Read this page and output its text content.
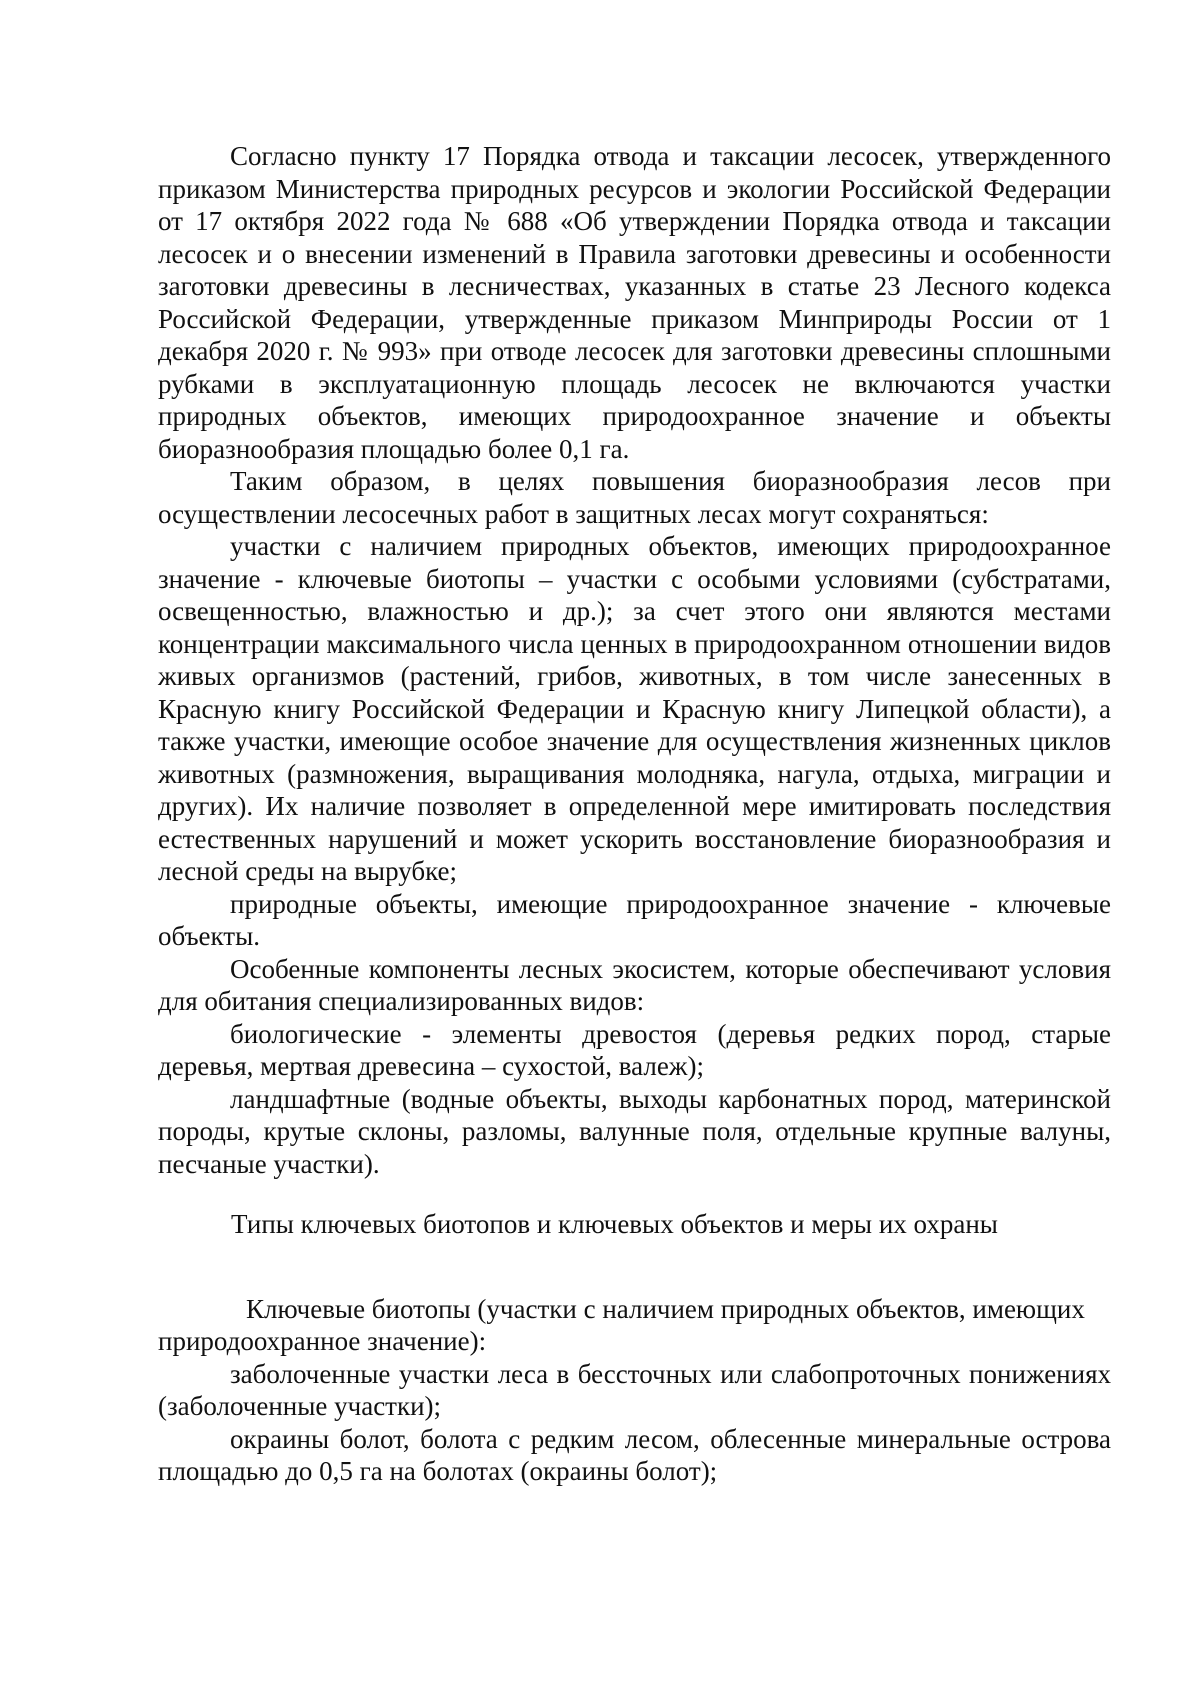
Согласно пункту 17 Порядка отвода и таксации лесосек, утвержденного приказом Министерства природных ресурсов и экологии Российской Федерации от 17 октября 2022 года № 688 «Об утверждении Порядка отвода и таксации лесосек и о внесении изменений в Правила заготовки древесины и особенности заготовки древесины в лесничествах, указанных в статье 23 Лесного кодекса Российской Федерации, утвержденные приказом Минприроды России от 1 декабря 2020 г. № 993» при отводе лесосек для заготовки древесины сплошными рубками в эксплуатационную площадь лесосек не включаются участки природных объектов, имеющих природоохранное значение и объекты биоразнообразия площадью более 0,1 га.

Таким образом, в целях повышения биоразнообразия лесов при осуществлении лесосечных работ в защитных лесах могут сохраняться:

участки с наличием природных объектов, имеющих природоохранное значение - ключевые биотопы – участки с особыми условиями (субстратами, освещенностью, влажностью и др.); за счет этого они являются местами концентрации максимального числа ценных в природоохранном отношении видов живых организмов (растений, грибов, животных, в том числе занесенных в Красную книгу Российской Федерации и Красную книгу Липецкой области), а также участки, имеющие особое значение для осуществления жизненных циклов животных (размножения, выращивания молодняка, нагула, отдыха, миграции и других). Их наличие позволяет в определенной мере имитировать последствия естественных нарушений и может ускорить восстановление биоразнообразия и лесной среды на вырубке;

природные объекты, имеющие природоохранное значение - ключевые объекты.

Особенные компоненты лесных экосистем, которые обеспечивают условия для обитания специализированных видов:

биологические - элементы древостоя (деревья редких пород, старые деревья, мертвая древесина – сухостой, валеж);

ландшафтные (водные объекты, выходы карбонатных пород, материнской породы, крутые склоны, разломы, валунные поля, отдельные крупные валуны, песчаные участки).

Типы ключевых биотопов и ключевых объектов и меры их охраны

Ключевые биотопы (участки с наличием природных объектов, имеющих природоохранное значение):

заболоченные участки леса в бессточных или слабопроточных понижениях (заболоченные участки);

окраины болот, болота с редким лесом, облесенные минеральные острова площадью до 0,5 га на болотах (окраины болот);
